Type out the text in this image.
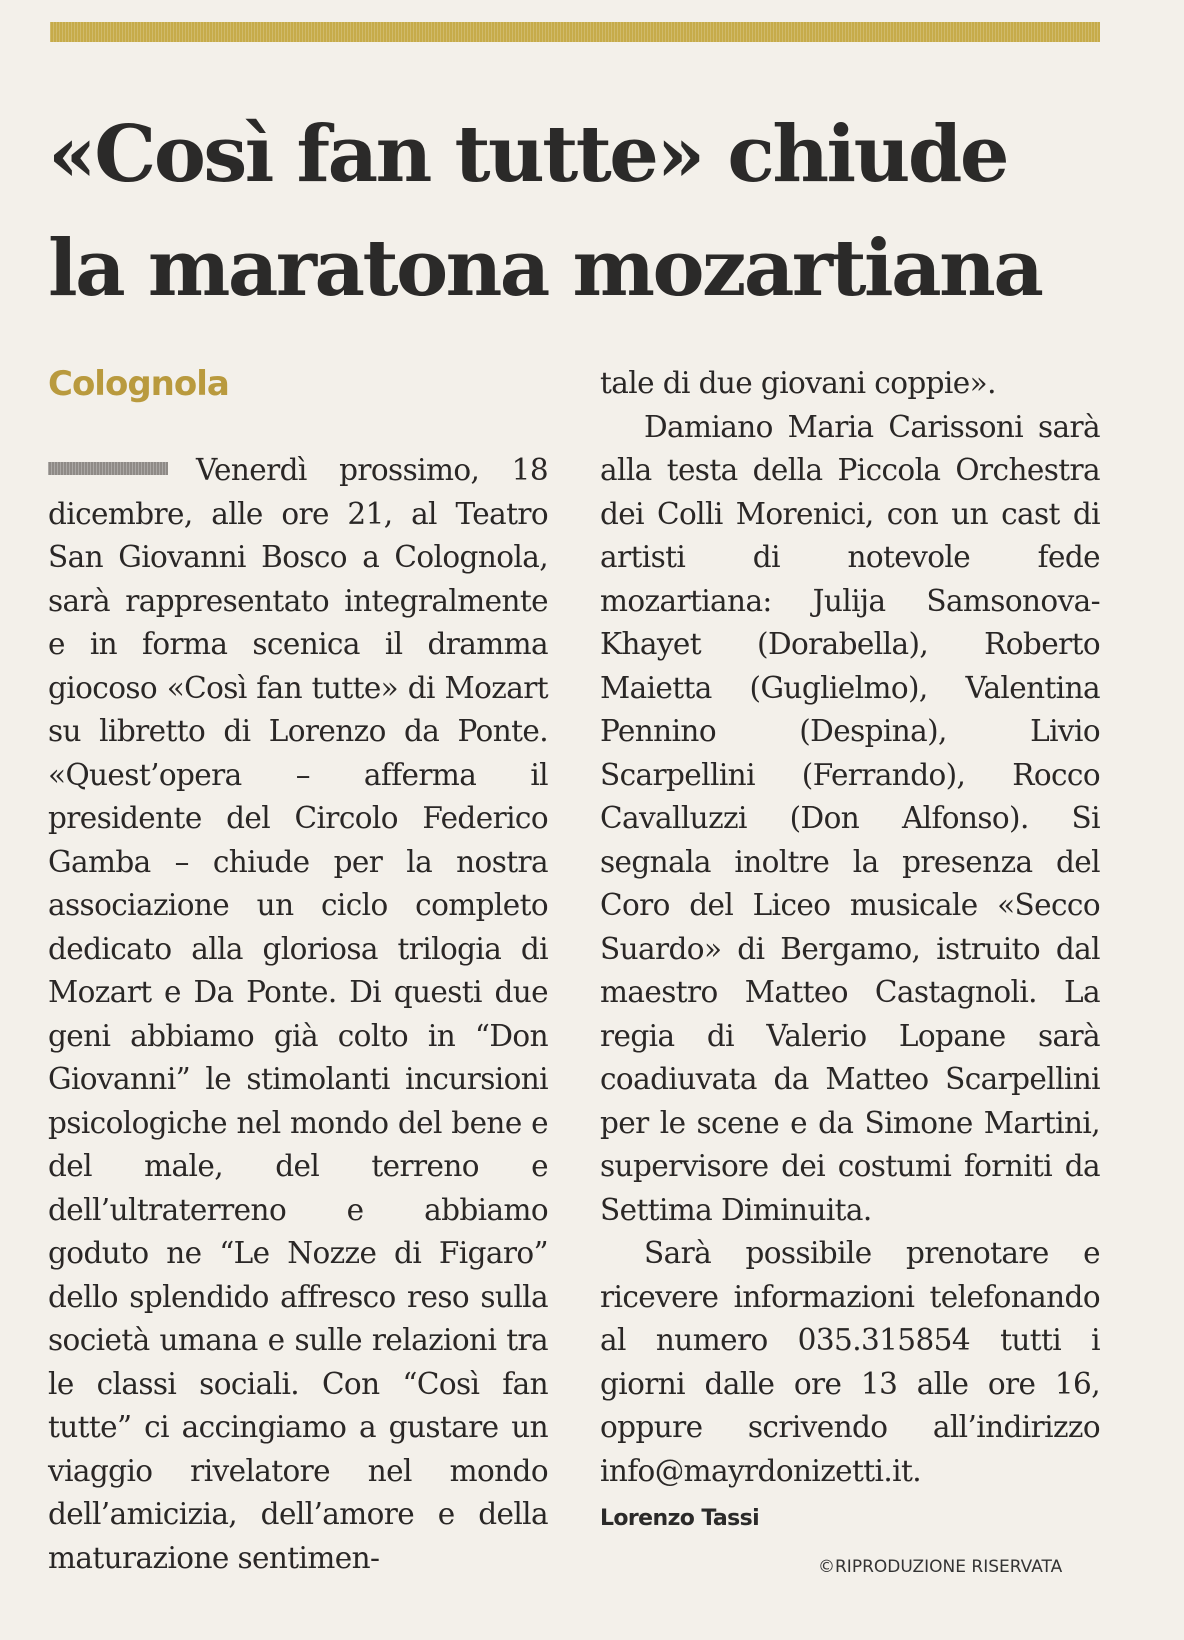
«Così fan tutte» chiude
la maratona mozartiana
Colognola

Venerdì prossimo, 18 dicembre, alle ore 21, al Teatro San Giovanni Bosco a Colognola, sarà rappresentato integralmente e in forma scenica il dramma giocoso «Così fan tutte» di Mozart su libretto di Lorenzo da Ponte. «Quest’opera – afferma il presidente del Circolo Federico Gamba – chiude per la nostra associazione un ciclo completo dedicato alla gloriosa trilogia di Mozart e Da Ponte. Di questi due geni abbiamo già colto in “Don Giovanni” le stimolanti incursioni psicologiche nel mondo del bene e del male, del terreno e dell’ultraterreno e abbiamo goduto ne “Le Nozze di Figaro” dello splendido affresco reso sulla società umana e sulle relazioni tra le classi sociali. Con “Così fan tutte” ci accingiamo a gustare un viaggio rivelatore nel mondo dell’amicizia, dell’amore e della maturazione sentimen-

tale di due giovani coppie».

Damiano Maria Carissoni sarà alla testa della Piccola Orchestra dei Colli Morenici, con un cast di artisti di notevole fede mozartiana: Julija Samsonova-Khayet (Dorabella), Roberto Maietta (Guglielmo), Valentina Pennino (Despina), Livio Scarpellini (Ferrando), Rocco Cavalluzzi (Don Alfonso). Si segnala inoltre la presenza del Coro del Liceo musicale «Secco Suardo» di Bergamo, istruito dal maestro Matteo Castagnoli. La regia di Valerio Lopane sarà coadiuvata da Matteo Scarpellini per le scene e da Simone Martini, supervisore dei costumi forniti da Settima Diminuita.

Sarà possibile prenotare e ricevere informazioni telefonando al numero 035.315854 tutti i giorni dalle ore 13 alle ore 16, oppure scrivendo all’indirizzo info@mayrdonizetti.it.

Lorenzo Tassi
©RIPRODUZIONE RISERVATA
